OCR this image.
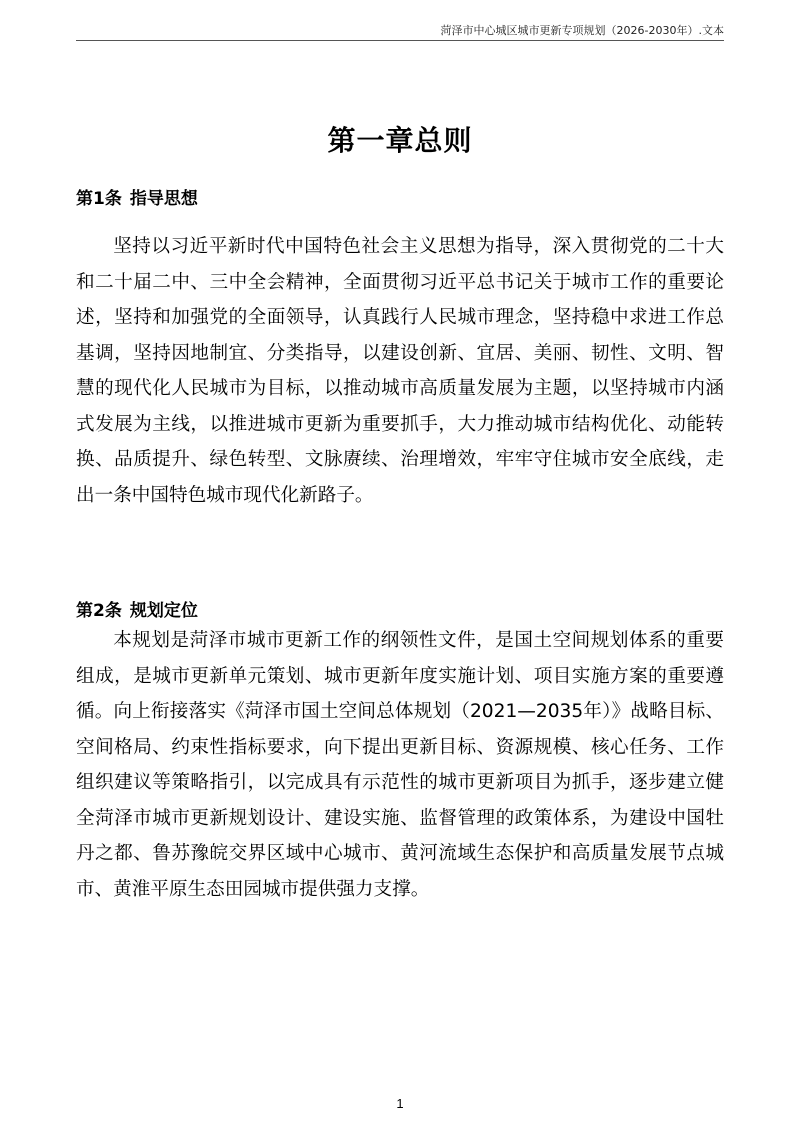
菏泽市中心城区城市更新专项规划（2026-2030年）.文本
第一章总则
第1条 指导思想

坚持以习近平新时代中国特色社会主义思想为指导，深入贯彻党的二十大和二十届二中、三中全会精神，全面贯彻习近平总书记关于城市工作的重要论述，坚持和加强党的全面领导，认真践行人民城市理念，坚持稳中求进工作总基调，坚持因地制宜、分类指导，以建设创新、宜居、美丽、韧性、文明、智慧的现代化人民城市为目标，以推动城市高质量发展为主题，以坚持城市内涵式发展为主线，以推进城市更新为重要抓手，大力推动城市结构优化、动能转换、品质提升、绿色转型、文脉赓续、治理增效，牢牢守住城市安全底线，走出一条中国特色城市现代化新路子。

第2条 规划定位

本规划是菏泽市城市更新工作的纲领性文件，是国土空间规划体系的重要组成，是城市更新单元策划、城市更新年度实施计划、项目实施方案的重要遵循。向上衔接落实《菏泽市国土空间总体规划（2021—2035年）》战略目标、空间格局、约束性指标要求，向下提出更新目标、资源规模、核心任务、工作组织建议等策略指引，以完成具有示范性的城市更新项目为抓手，逐步建立健全菏泽市城市更新规划设计、建设实施、监督管理的政策体系，为建设中国牡丹之都、鲁苏豫皖交界区域中心城市、黄河流域生态保护和高质量发展节点城市、黄淮平原生态田园城市提供强力支撑。

1
